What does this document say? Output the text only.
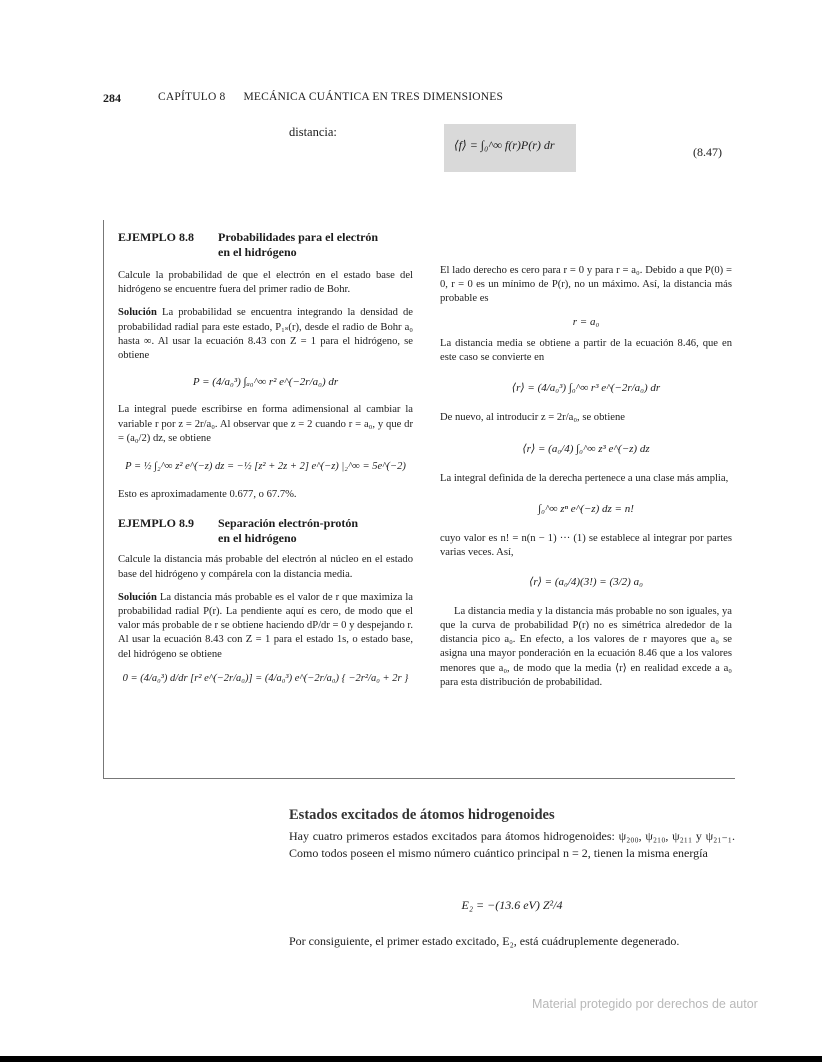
284	CAPÍTULO 8 MECÁNICA CUÁNTICA EN TRES DIMENSIONES
distancia:
⟨f⟩ = ∫₀^∞ f(r)P(r) dr	(8.47)
EJEMPLO 8.8 Probabilidades para el electrón
en el hidrógeno

Calcule la probabilidad de que el electrón en el estado base del hidrógeno se encuentre fuera del primer radio de Bohr.

Solución La probabilidad se encuentra integrando la densidad de probabilidad radial para este estado, P₁ₛ(r), desde el radio de Bohr a₀ hasta ∞. Al usar la ecuación 8.43 con Z = 1 para el hidrógeno, se obtiene

P = (4/a₀³) ∫ₐ₀^∞ r² e^(−2r/a₀) dr

La integral puede escribirse en forma adimensional al cambiar la variable r por z = 2r/a₀. Al observar que z = 2 cuando r = a₀, y que dr = (a₀/2) dz, se obtiene

P = ½ ∫₂^∞ z² e^(−z) dz = −½ [z² + 2z + 2] e^(−z) |₂^∞ = 5e^(−2)

Esto es aproximadamente 0.677, o 67.7%.

EJEMPLO 8.9 Separación electrón-protón
en el hidrógeno

Calcule la distancia más probable del electrón al núcleo en el estado base del hidrógeno y compárela con la distancia media.

Solución La distancia más probable es el valor de r que maximiza la probabilidad radial P(r). La pendiente aquí es cero, de modo que el valor más probable de r se obtiene haciendo dP/dr = 0 y despejando r. Al usar la ecuación 8.43 con Z = 1 para el estado 1s, o estado base, del hidrógeno se obtiene

0 = (4/a₀³) d/dr [r² e^(−2r/a₀)] = (4/a₀³) e^(−2r/a₀) { −2r²/a₀ + 2r }

El lado derecho es cero para r = 0 y para r = a₀. Debido a que P(0) = 0, r = 0 es un mínimo de P(r), no un máximo. Así, la distancia más probable es

r = a₀

La distancia media se obtiene a partir de la ecuación 8.46, que en este caso se convierte en

⟨r⟩ = (4/a₀³) ∫₀^∞ r³ e^(−2r/a₀) dr

De nuevo, al introducir z = 2r/a₀, se obtiene

⟨r⟩ = (a₀/4) ∫₀^∞ z³ e^(−z) dz

La integral definida de la derecha pertenece a una clase más amplia,

∫₀^∞ zⁿ e^(−z) dz = n!

cuyo valor es n! = n(n − 1) ··· (1) se establece al integrar por partes varias veces. Así,

⟨r⟩ = (a₀/4)(3!) = (3/2) a₀

La distancia media y la distancia más probable no son iguales, ya que la curva de probabilidad P(r) no es simétrica alrededor de la distancia pico a₀. En efecto, a los valores de r mayores que a₀ se asigna una mayor ponderación en la ecuación 8.46 que a los valores menores que a₀, de modo que la media ⟨r⟩ en realidad excede a a₀ para esta distribución de probabilidad.

Estados excitados de átomos hidrogenoides
Hay cuatro primeros estados excitados para átomos hidrogenoides: ψ₂₀₀, ψ₂₁₀, ψ₂₁₁ y ψ₂₁₋₁. Como todos poseen el mismo número cuántico principal n = 2, tienen la misma energía
E₂ = −(13.6 eV) Z²/4
Por consiguiente, el primer estado excitado, E₂, está cuádruplemente degenerado.
Material protegido por derechos de autor
